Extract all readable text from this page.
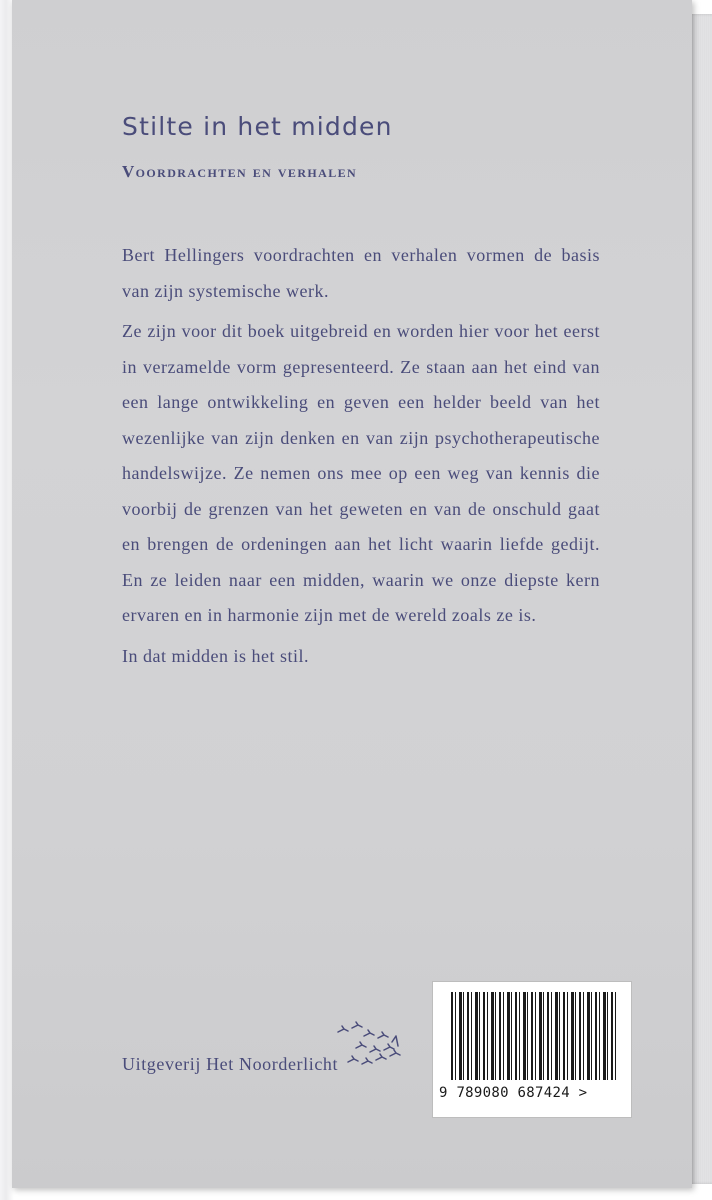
Stilte in het midden
Voordrachten en verhalen

Bert Hellingers voordrachten en verhalen vormen de basis van zijn systemische werk.

Ze zijn voor dit boek uitgebreid en worden hier voor het eerst in verzamelde vorm gepresenteerd. Ze staan aan het eind van een lange ontwikkeling en geven een helder beeld van het wezenlijke van zijn denken en van zijn psychotherapeutische handelswijze. Ze nemen ons mee op een weg van kennis die voorbij de grenzen van het geweten en van de onschuld gaat en brengen de ordeningen aan het licht waarin liefde gedijt. En ze leiden naar een midden, waarin we onze diepste kern ervaren en in harmonie zijn met de wereld zoals ze is.

In dat midden is het stil.

Uitgeverij Het Noorderlicht

9 789080 687424 >
